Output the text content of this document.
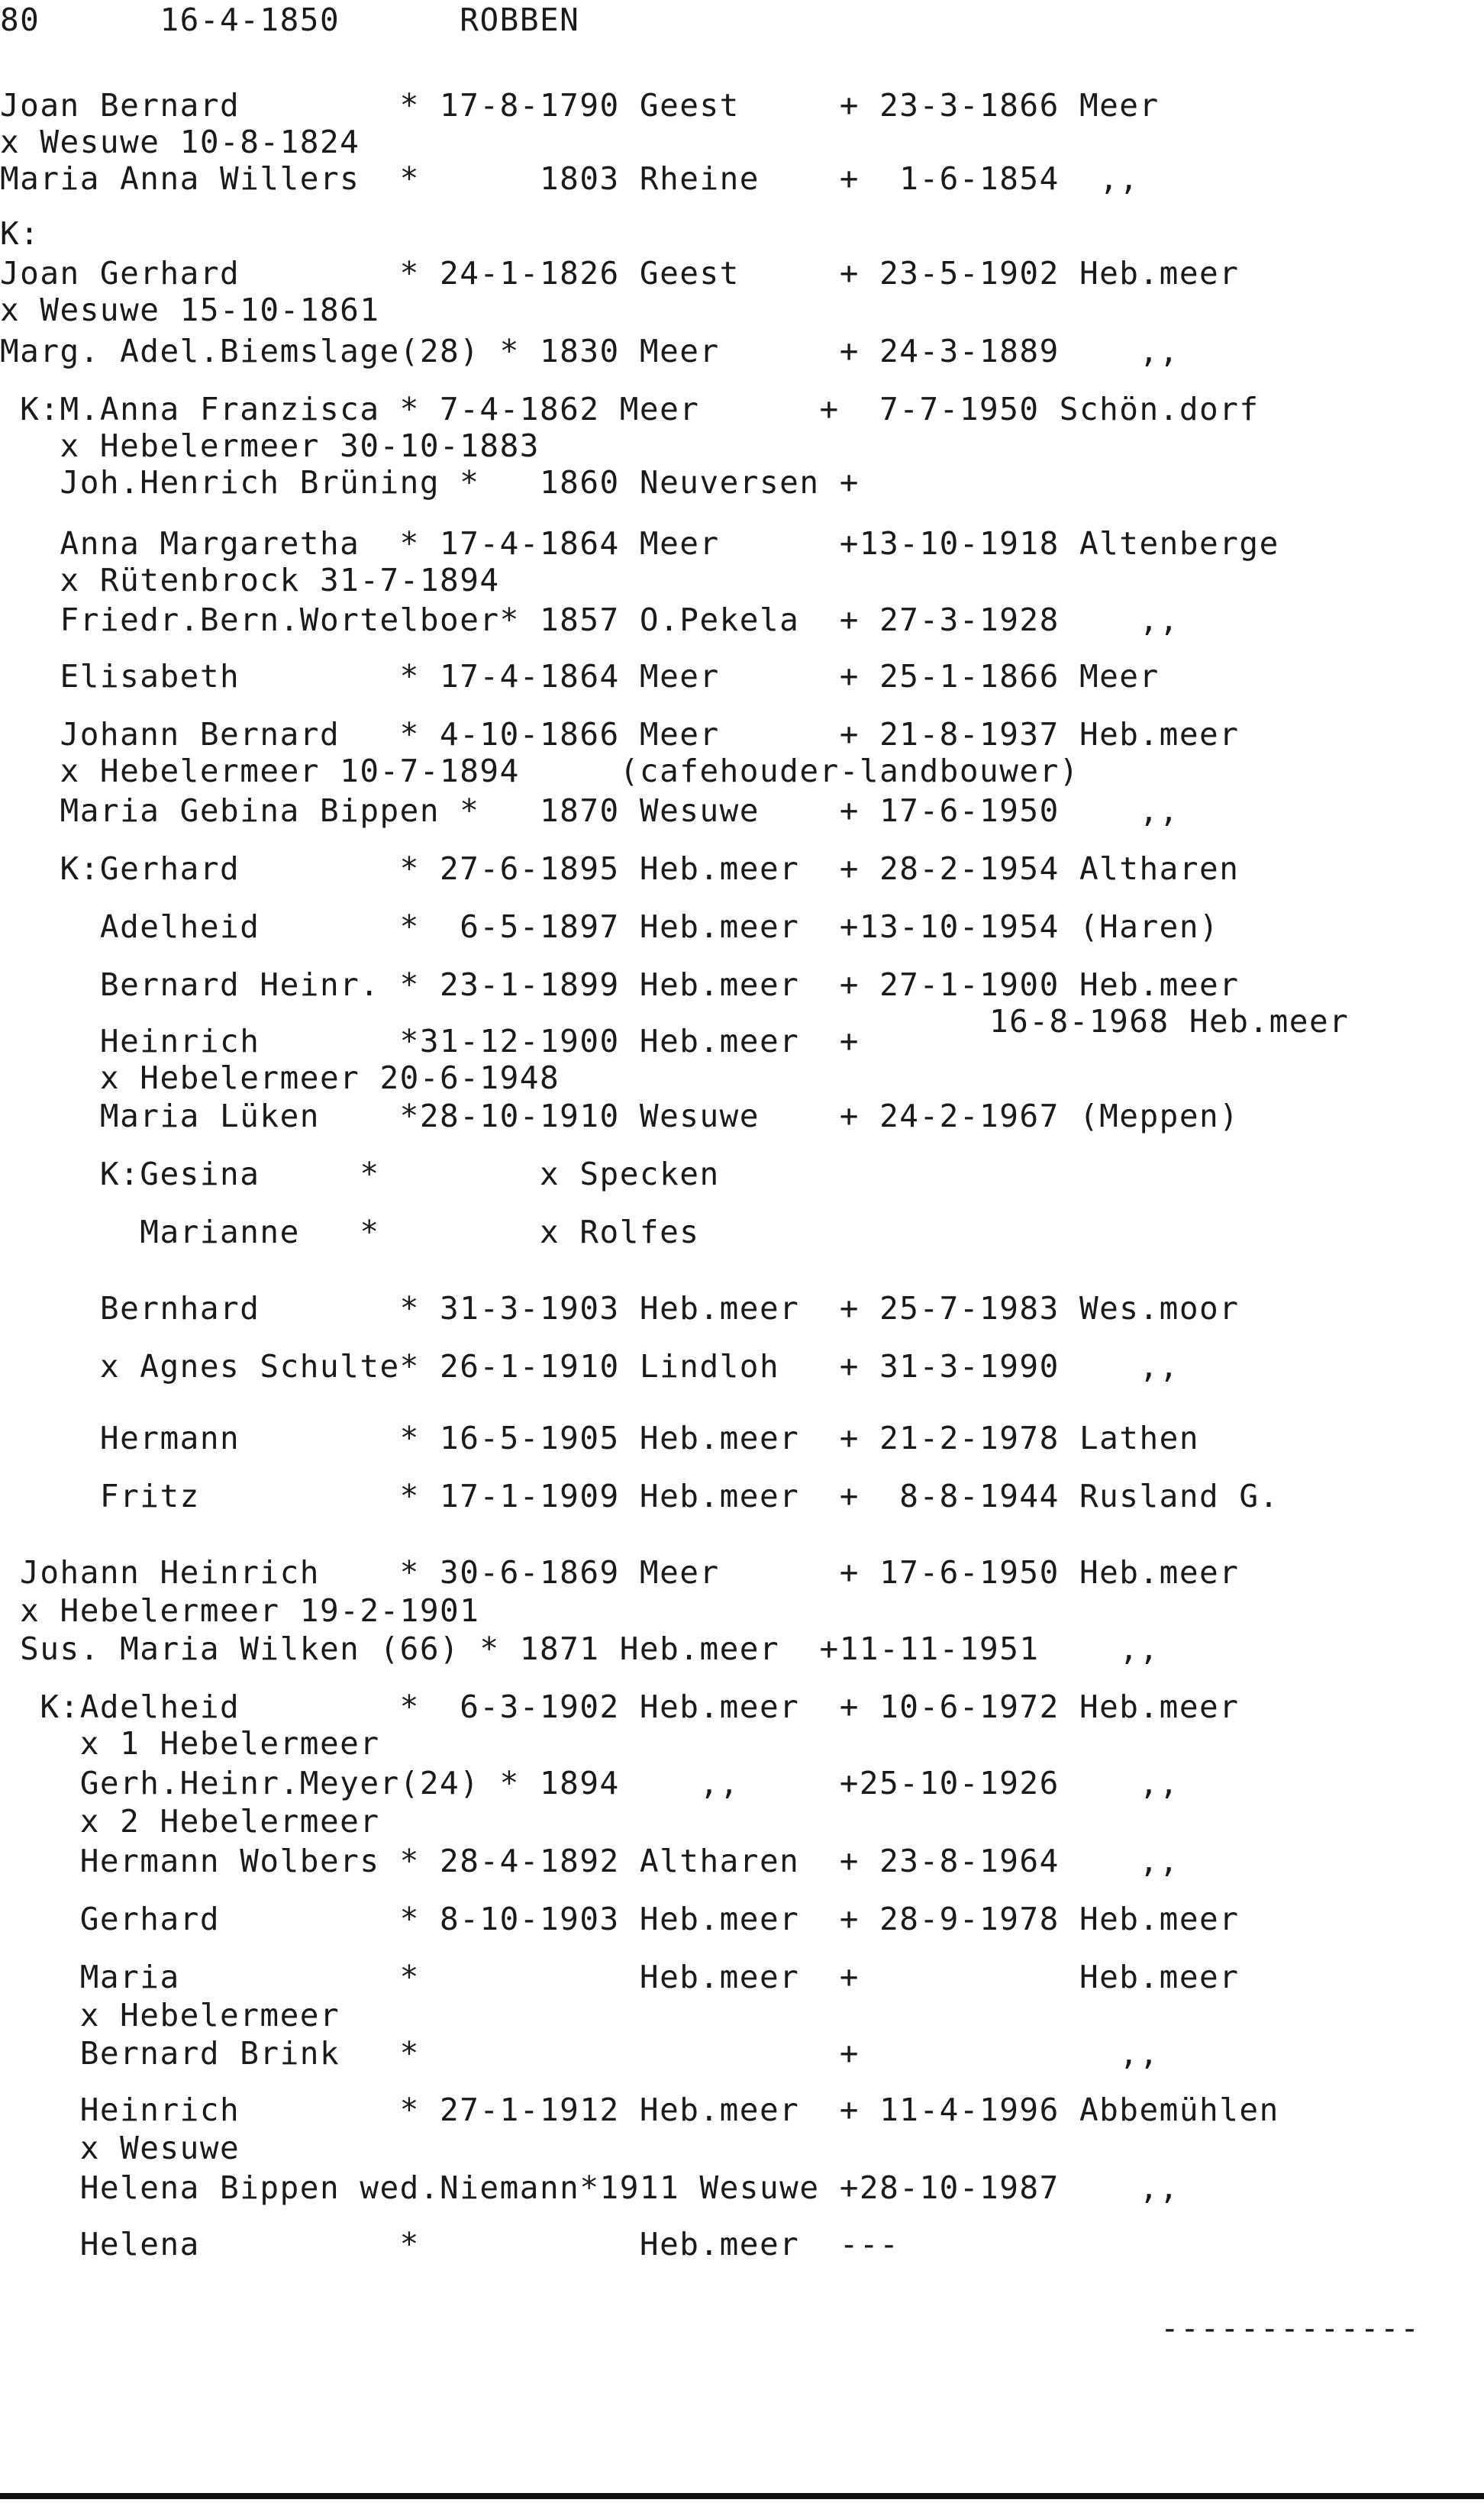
80	16-4-1850	ROBBEN
Joan Bernard        * 17-8-1790 Geest     + 23-3-1866 Meer
x Wesuwe 10-8-1824
Maria Anna Willers  *      1803 Rheine    +  1-6-1854  ,,
K:
Joan Gerhard        * 24-1-1826 Geest     + 23-5-1902 Heb.meer
x Wesuwe 15-10-1861
Marg. Adel.Biemslage(28) * 1830 Meer      + 24-3-1889    ,,
K:M.Anna Franzisca * 7-4-1862 Meer      +  7-7-1950 Schön.dorf
x Hebelermeer 30-10-1883
Joh.Henrich Brüning *   1860 Neuversen +
Anna Margaretha  * 17-4-1864 Meer      +13-10-1918 Altenberge
x Rütenbrock 31-7-1894
Friedr.Bern.Wortelboer* 1857 O.Pekela  + 27-3-1928    ,,
Elisabeth        * 17-4-1864 Meer      + 25-1-1866 Meer
Johann Bernard   * 4-10-1866 Meer      + 21-8-1937 Heb.meer
x Hebelermeer 10-7-1894     (cafehouder-landbouwer)
Maria Gebina Bippen *   1870 Wesuwe    + 17-6-1950    ,,
K:Gerhard        * 27-6-1895 Heb.meer  + 28-2-1954 Altharen
Adelheid       *  6-5-1897 Heb.meer  +13-10-1954 (Haren)
Bernard Heinr. * 23-1-1899 Heb.meer  + 27-1-1900 Heb.meer
Heinrich       *31-12-1900 Heb.meer  +
16-8-1968 Heb.meer
x Hebelermeer 20-6-1948
Maria Lüken    *28-10-1910 Wesuwe    + 24-2-1967 (Meppen)
K:Gesina     *        x Specken
Marianne   *        x Rolfes
Bernhard       * 31-3-1903 Heb.meer  + 25-7-1983 Wes.moor
x Agnes Schulte* 26-1-1910 Lindloh   + 31-3-1990    ,,
Hermann        * 16-5-1905 Heb.meer  + 21-2-1978 Lathen
Fritz          * 17-1-1909 Heb.meer  +  8-8-1944 Rusland G.
Johann Heinrich    * 30-6-1869 Meer      + 17-6-1950 Heb.meer
x Hebelermeer 19-2-1901
Sus. Maria Wilken (66) * 1871 Heb.meer  +11-11-1951    ,,
K:Adelheid        *  6-3-1902 Heb.meer  + 10-6-1972 Heb.meer
x 1 Hebelermeer
Gerh.Heinr.Meyer(24) * 1894    ,,     +25-10-1926    ,,
x 2 Hebelermeer
Hermann Wolbers * 28-4-1892 Altharen  + 23-8-1964    ,,
Gerhard         * 8-10-1903 Heb.meer  + 28-9-1978 Heb.meer
Maria           *           Heb.meer  +           Heb.meer
x Hebelermeer
Bernard Brink   *                     +             ,,
Heinrich        * 27-1-1912 Heb.meer  + 11-4-1996 Abbemühlen
x Wesuwe
Helena Bippen wed.Niemann*1911 Wesuwe +28-10-1987    ,,
Helena          *           Heb.meer  ---
-------------
